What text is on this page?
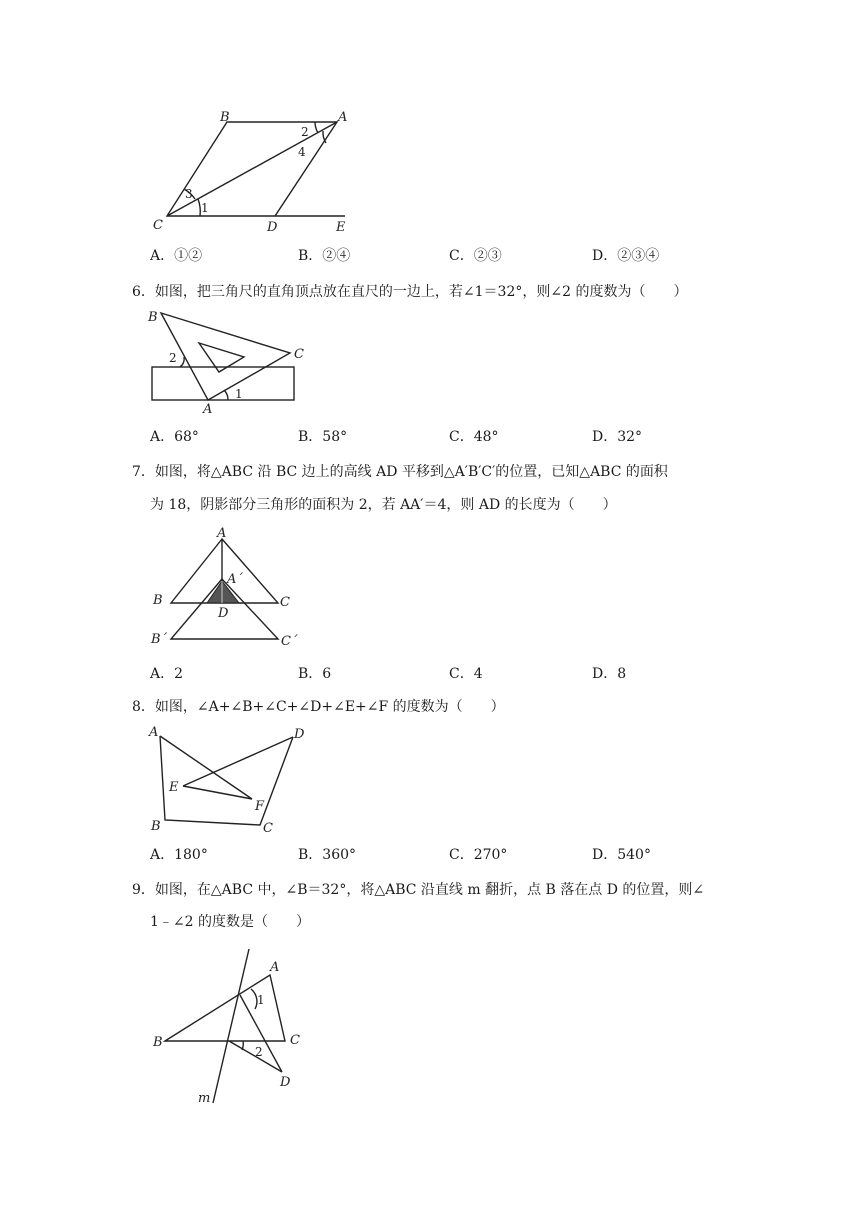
B	A
C	D	E
2
4
3
1
A．①②	B．②④	C．②③	D．②③④
6．如图，把三角尺的直角顶点放在直尺的一边上，若∠1＝32°，则∠2 的度数为（　　）
B
C
A
2
1
A．68°	B．58°	C．48°	D．32°
7．如图，将△ABC 沿 BC 边上的高线 AD 平移到△A′B′C′的位置，已知△ABC 的面积
为 18，阴影部分三角形的面积为 2，若 AA′＝4，则 AD 的长度为（　　）
A
A´
B	C
D
B´	C´
A．2	B．6	C．4	D．8
8．如图，∠A+∠B+∠C+∠D+∠E+∠F 的度数为（　　）
A	D
E
F
B	C
A．180°	B．360°	C．270°	D．540°
9．如图，在△ABC 中，∠B＝32°，将△ABC 沿直线 m 翻折，点 B 落在点 D 的位置，则∠
1﹣∠2 的度数是（　　）
A
B	C
D
m
1
2
